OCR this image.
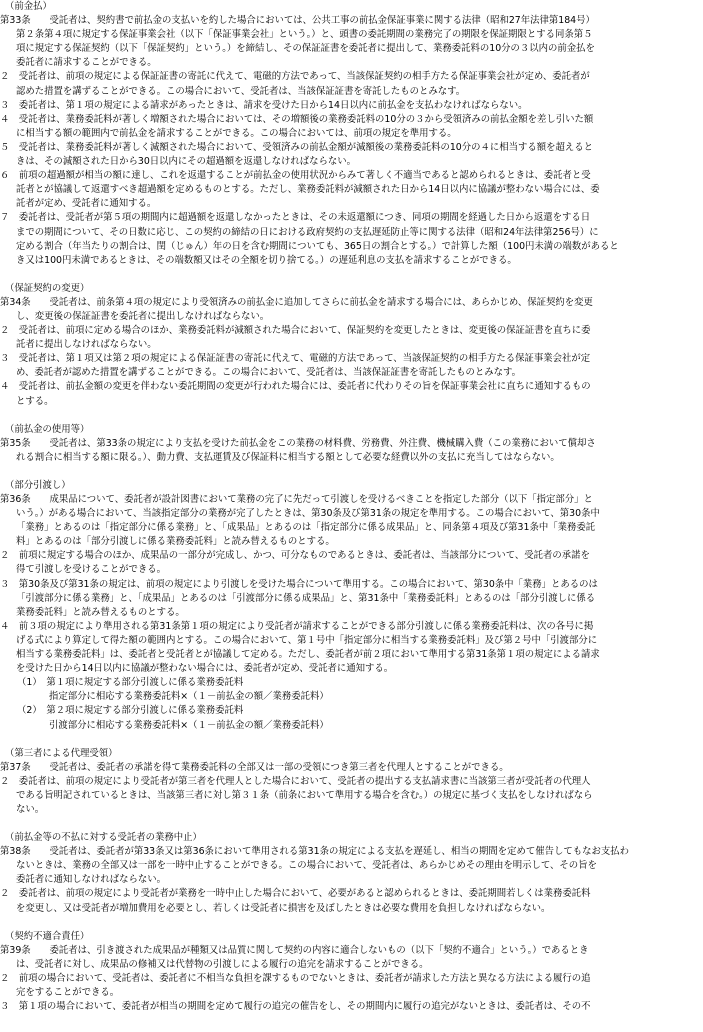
（前金払）
第33条　　受託者は、契約書で前払金の支払いを約した場合においては、公共工事の前払金保証事業に関する法律（昭和27年法律第184号）
第２条第４項に規定する保証事業会社（以下「保証事業会社」という。）と、頭書の委託期間の業務完了の期限を保証期限とする同条第５
項に規定する保証契約（以下「保証契約」という。）を締結し、その保証証書を委託者に提出して、業務委託料の10分の３以内の前金払を
委託者に請求することができる。
２　受託者は、前項の規定による保証証書の寄託に代えて、電磁的方法であって、当該保証契約の相手方たる保証事業会社が定め、委託者が
認めた措置を講ずることができる。この場合において、受託者は、当該保証証書を寄託したものとみなす。
３　委託者は、第１項の規定による請求があったときは、請求を受けた日から14日以内に前払金を支払わなければならない。
４　受託者は、業務委託料が著しく増額された場合においては、その増額後の業務委託料の10分の３から受領済みの前払金額を差し引いた額
に相当する額の範囲内で前払金を請求することができる。この場合においては、前項の規定を準用する。
５　受託者は、業務委託料が著しく減額された場合において、受領済みの前払金額が減額後の業務委託料の10分の４に相当する額を超えると
きは、その減額された日から30日以内にその超過額を返還しなければならない。
６　前項の超過額が相当の額に達し、これを返還することが前払金の使用状況からみて著しく不適当であると認められるときは、委託者と受
託者とが協議して返還すべき超過額を定めるものとする。ただし、業務委託料が減額された日から14日以内に協議が整わない場合には、委
託者が定め、受託者に通知する。
７　委託者は、受託者が第５項の期間内に超過額を返還しなかったときは、その未返還額につき、同項の期間を経過した日から返還をする日
までの期間について、その日数に応じ、この契約の締結の日における政府契約の支払遅延防止等に関する法律（昭和24年法律第256号）に
定める割合（年当たりの割合は、閏（じゅん）年の日を含む期間についても、365日の割合とする。）で計算した額（100円未満の端数があると
き又は100円未満であるときは、その端数額又はその全額を切り捨てる。）の遅延利息の支払を請求することができる。
（保証契約の変更）
第34条　　受託者は、前条第４項の規定により受領済みの前払金に追加してさらに前払金を請求する場合には、あらかじめ、保証契約を変更
し、変更後の保証証書を委託者に提出しなければならない。
２　受託者は、前項に定める場合のほか、業務委託料が減額された場合において、保証契約を変更したときは、変更後の保証証書を直ちに委
託者に提出しなければならない。
３　受託者は、第１項又は第２項の規定による保証証書の寄託に代えて、電磁的方法であって、当該保証契約の相手方たる保証事業会社が定
め、委託者が認めた措置を講ずることができる。この場合において、受託者は、当該保証証書を寄託したものとみなす。
４　受託者は、前払金額の変更を伴わない委託期間の変更が行われた場合には、委託者に代わりその旨を保証事業会社に直ちに通知するもの
とする。
（前払金の使用等）
第35条　　受託者は、第33条の規定により支払を受けた前払金をこの業務の材料費、労務費、外注費、機械購入費（この業務において償却さ
れる割合に相当する額に限る。）、動力費、支払運賃及び保証料に相当する額として必要な経費以外の支払に充当してはならない。
（部分引渡し）
第36条　　成果品について、委託者が設計図書において業務の完了に先だって引渡しを受けるべきことを指定した部分（以下「指定部分」と
いう。）がある場合において、当該指定部分の業務が完了したときは、第30条及び第31条の規定を準用する。この場合において、第30条中
「業務」とあるのは「指定部分に係る業務」と、「成果品」とあるのは「指定部分に係る成果品」と、同条第４項及び第31条中「業務委託
料」とあるのは「部分引渡しに係る業務委託料」と読み替えるものとする。
２　前項に規定する場合のほか、成果品の一部分が完成し、かつ、可分なものであるときは、委託者は、当該部分について、受託者の承諾を
得て引渡しを受けることができる。
３　第30条及び第31条の規定は、前項の規定により引渡しを受けた場合について準用する。この場合において、第30条中「業務」とあるのは
「引渡部分に係る業務」と、「成果品」とあるのは「引渡部分に係る成果品」と、第31条中「業務委託料」とあるのは「部分引渡しに係る
業務委託料」と読み替えるものとする。
４　前３項の規定により準用される第31条第１項の規定により受託者が請求することができる部分引渡しに係る業務委託料は、次の各号に掲
げる式により算定して得た額の範囲内とする。この場合において、第１号中「指定部分に相当する業務委託料」及び第２号中「引渡部分に
相当する業務委託料」は、委託者と受託者とが協議して定める。ただし、委託者が前２項において準用する第31条第１項の規定による請求
を受けた日から14日以内に協議が整わない場合には、委託者が定め、受託者に通知する。
（1）　 第１項に規定する部分引渡しに係る業務委託料
指定部分に相応する業務委託料×（１－前払金の額／業務委託料）
（2）　 第２項に規定する部分引渡しに係る業務委託料
引渡部分に相応する業務委託料×（１－前払金の額／業務委託料）
（第三者による代理受領）
第37条　　受託者は、委託者の承諾を得て業務委託料の全部又は一部の受領につき第三者を代理人とすることができる。
２　委託者は、前項の規定により受託者が第三者を代理人とした場合において、受託者の提出する支払請求書に当該第三者が受託者の代理人
である旨明記されているときは、当該第三者に対し第３１条（前条において準用する場合を含む。）の規定に基づく支払をしなければなら
ない。
（前払金等の不払に対する受託者の業務中止）
第38条　　受託者は、委託者が第33条又は第36条において準用される第31条の規定による支払を遅延し、相当の期間を定めて催告してもなお支払わ
ないときは、業務の全部又は一部を一時中止することができる。この場合において、受託者は、あらかじめその理由を明示して、その旨を
委託者に通知しなければならない。
２　委託者は、前項の規定により受託者が業務を一時中止した場合において、必要があると認められるときは、委託期間若しくは業務委託料
を変更し、又は受託者が増加費用を必要とし、若しくは受託者に損害を及ぼしたときは必要な費用を負担しなければならない。
（契約不適合責任）
第39条　　委託者は、引き渡された成果品が種類又は品質に関して契約の内容に適合しないもの（以下「契約不適合」という。）であるとき
は、受託者に対し、成果品の修補又は代替物の引渡しによる履行の追完を請求することができる。
２　前項の場合において、受託者は、委託者に不相当な負担を課するものでないときは、委託者が請求した方法と異なる方法による履行の追
完をすることができる。
３　第１項の場合において、委託者が相当の期間を定めて履行の追完の催告をし、その期間内に履行の追完がないときは、委託者は、その不
